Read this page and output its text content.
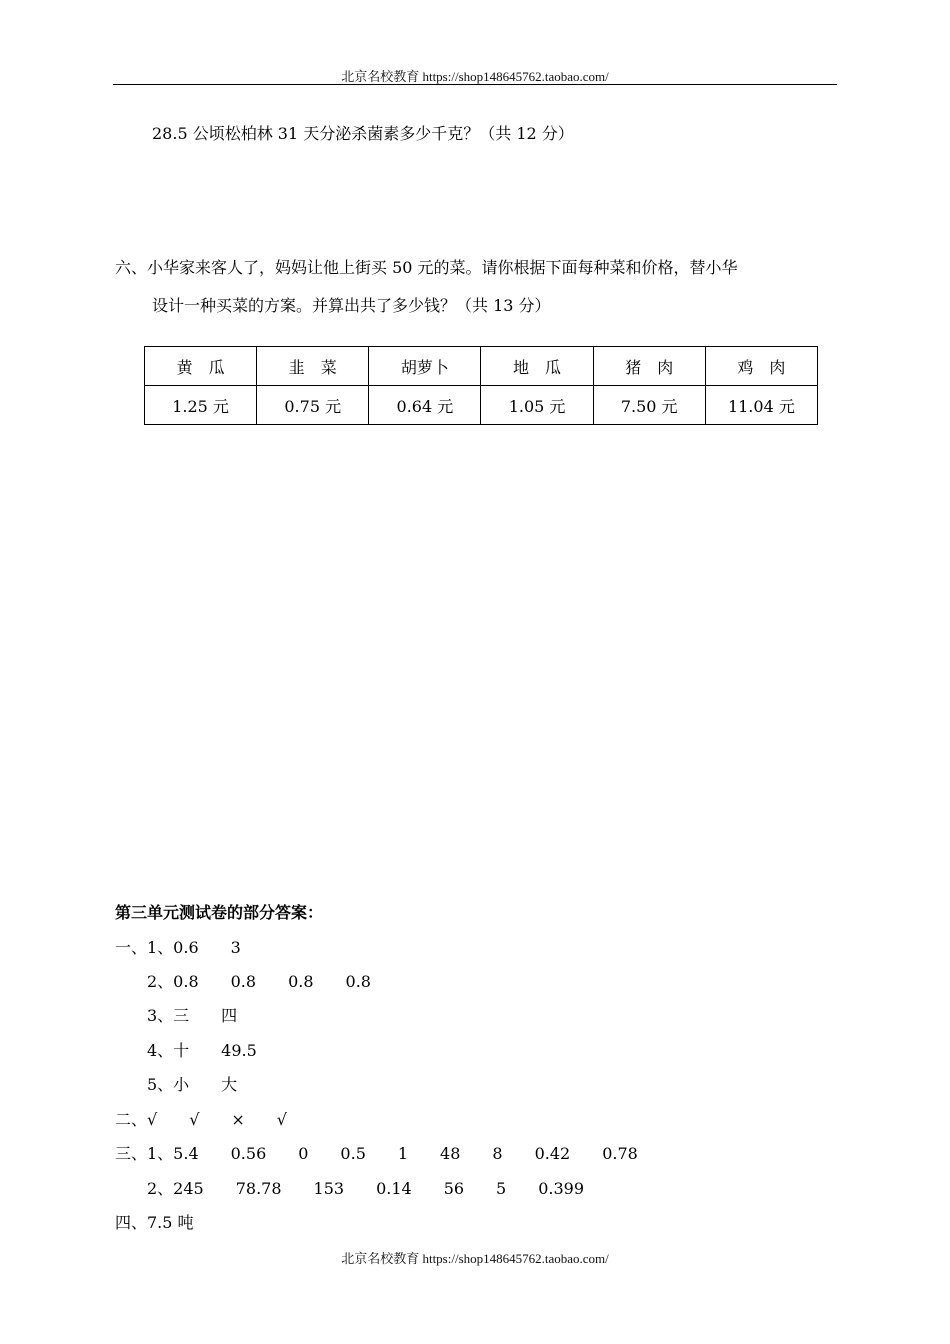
北京名校教育 https://shop148645762.taobao.com/
28.5 公顷松柏林 31 天分泌杀菌素多少千克？（共 12 分）
六、小华家来客人了，妈妈让他上街买 50 元的菜。请你根据下面每种菜和价格，替小华
设计一种买菜的方案。并算出共了多少钱？（共 13 分）
黄　瓜	韭　菜	胡萝卜	地　瓜	猪　肉	鸡　肉
1.25 元	0.75 元	0.64 元	1.05 元	7.50 元	11.04 元
第三单元测试卷的部分答案：
一、1、0.6　　3
　　2、0.8　　0.8　　0.8　　0.8
　　3、三　　四
　　4、十　　49.5
　　5、小　　大
二、√　　√　　×　　√
三、1、5.4　　0.56　　0　　0.5　　1　　48　　8　　0.42　　0.78
　　2、245　　78.78　　153　　0.14　　56　　5　　0.399
四、7.5 吨
北京名校教育 https://shop148645762.taobao.com/
